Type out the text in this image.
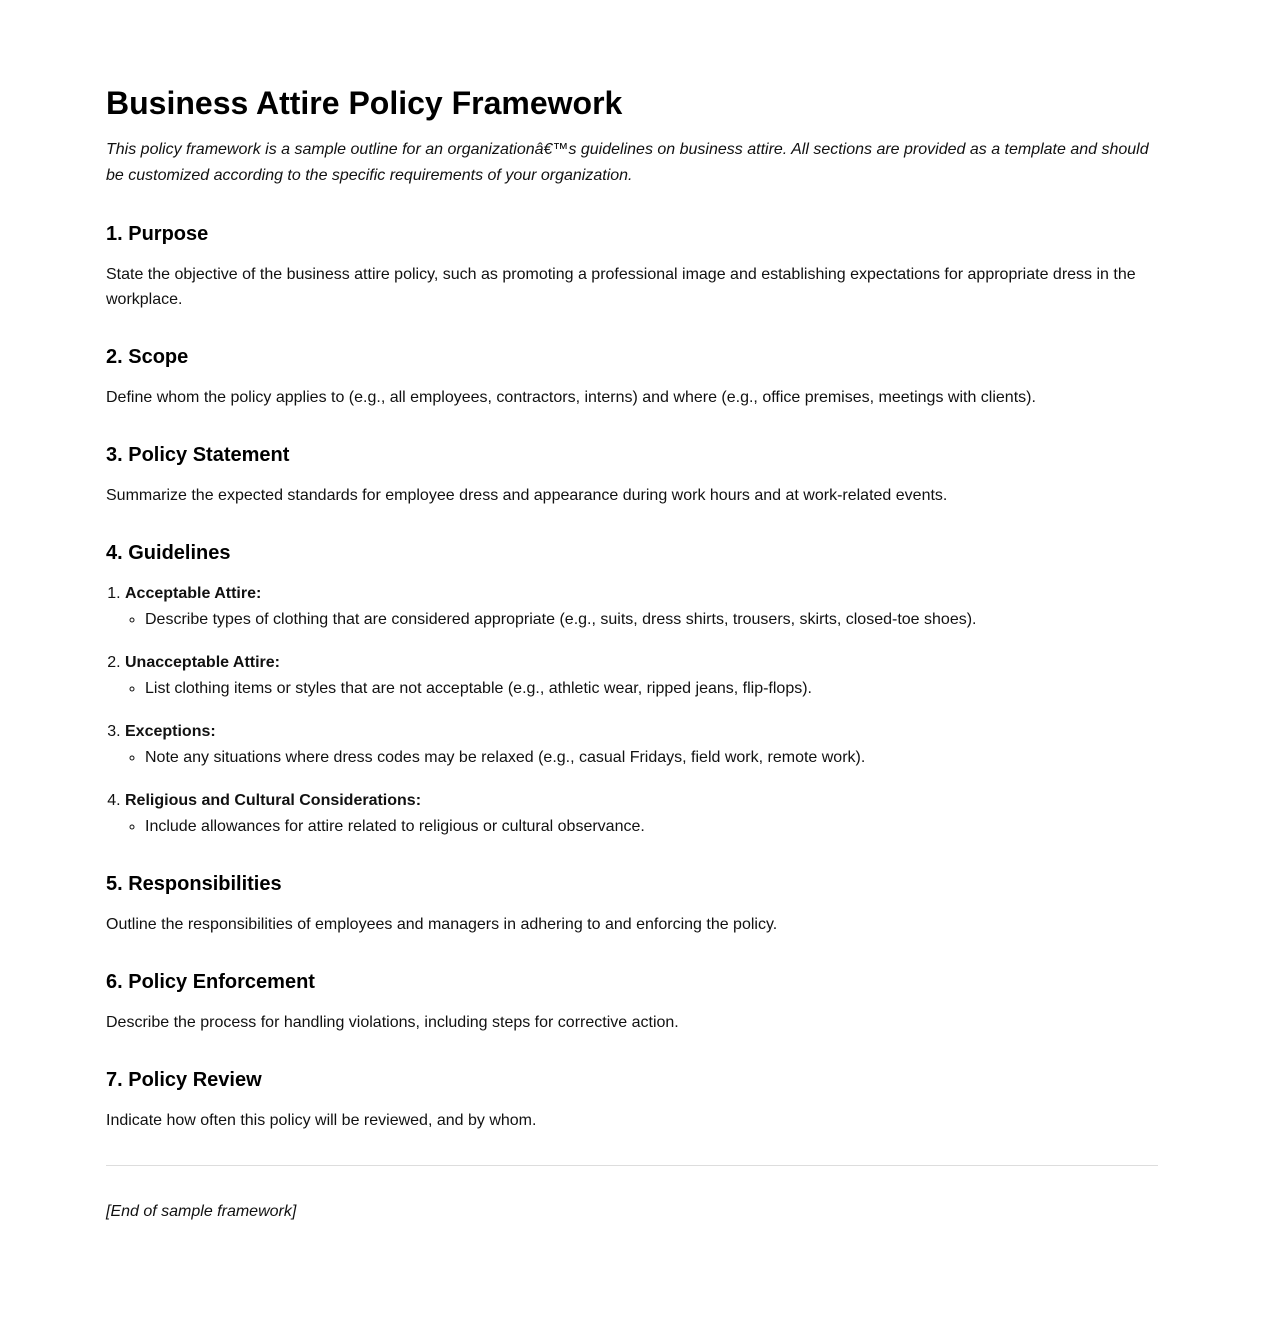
Business Attire Policy Framework

This policy framework is a sample outline for an organizationâ€™s guidelines on business attire. All sections are provided as a template and should be customized according to the specific requirements of your organization.

1. Purpose

State the objective of the business attire policy, such as promoting a professional image and establishing expectations for appropriate dress in the workplace.

2. Scope

Define whom the policy applies to (e.g., all employees, contractors, interns) and where (e.g., office premises, meetings with clients).

3. Policy Statement

Summarize the expected standards for employee dress and appearance during work hours and at work-related events.

4. Guidelines
1. Acceptable Attire:
◦ Describe types of clothing that are considered appropriate (e.g., suits, dress shirts, trousers, skirts, closed-toe shoes).
2. Unacceptable Attire:
◦ List clothing items or styles that are not acceptable (e.g., athletic wear, ripped jeans, flip-flops).
3. Exceptions:
◦ Note any situations where dress codes may be relaxed (e.g., casual Fridays, field work, remote work).
4. Religious and Cultural Considerations:
◦ Include allowances for attire related to religious or cultural observance.
5. Responsibilities

Outline the responsibilities of employees and managers in adhering to and enforcing the policy.

6. Policy Enforcement

Describe the process for handling violations, including steps for corrective action.

7. Policy Review

Indicate how often this policy will be reviewed, and by whom.

[End of sample framework]
